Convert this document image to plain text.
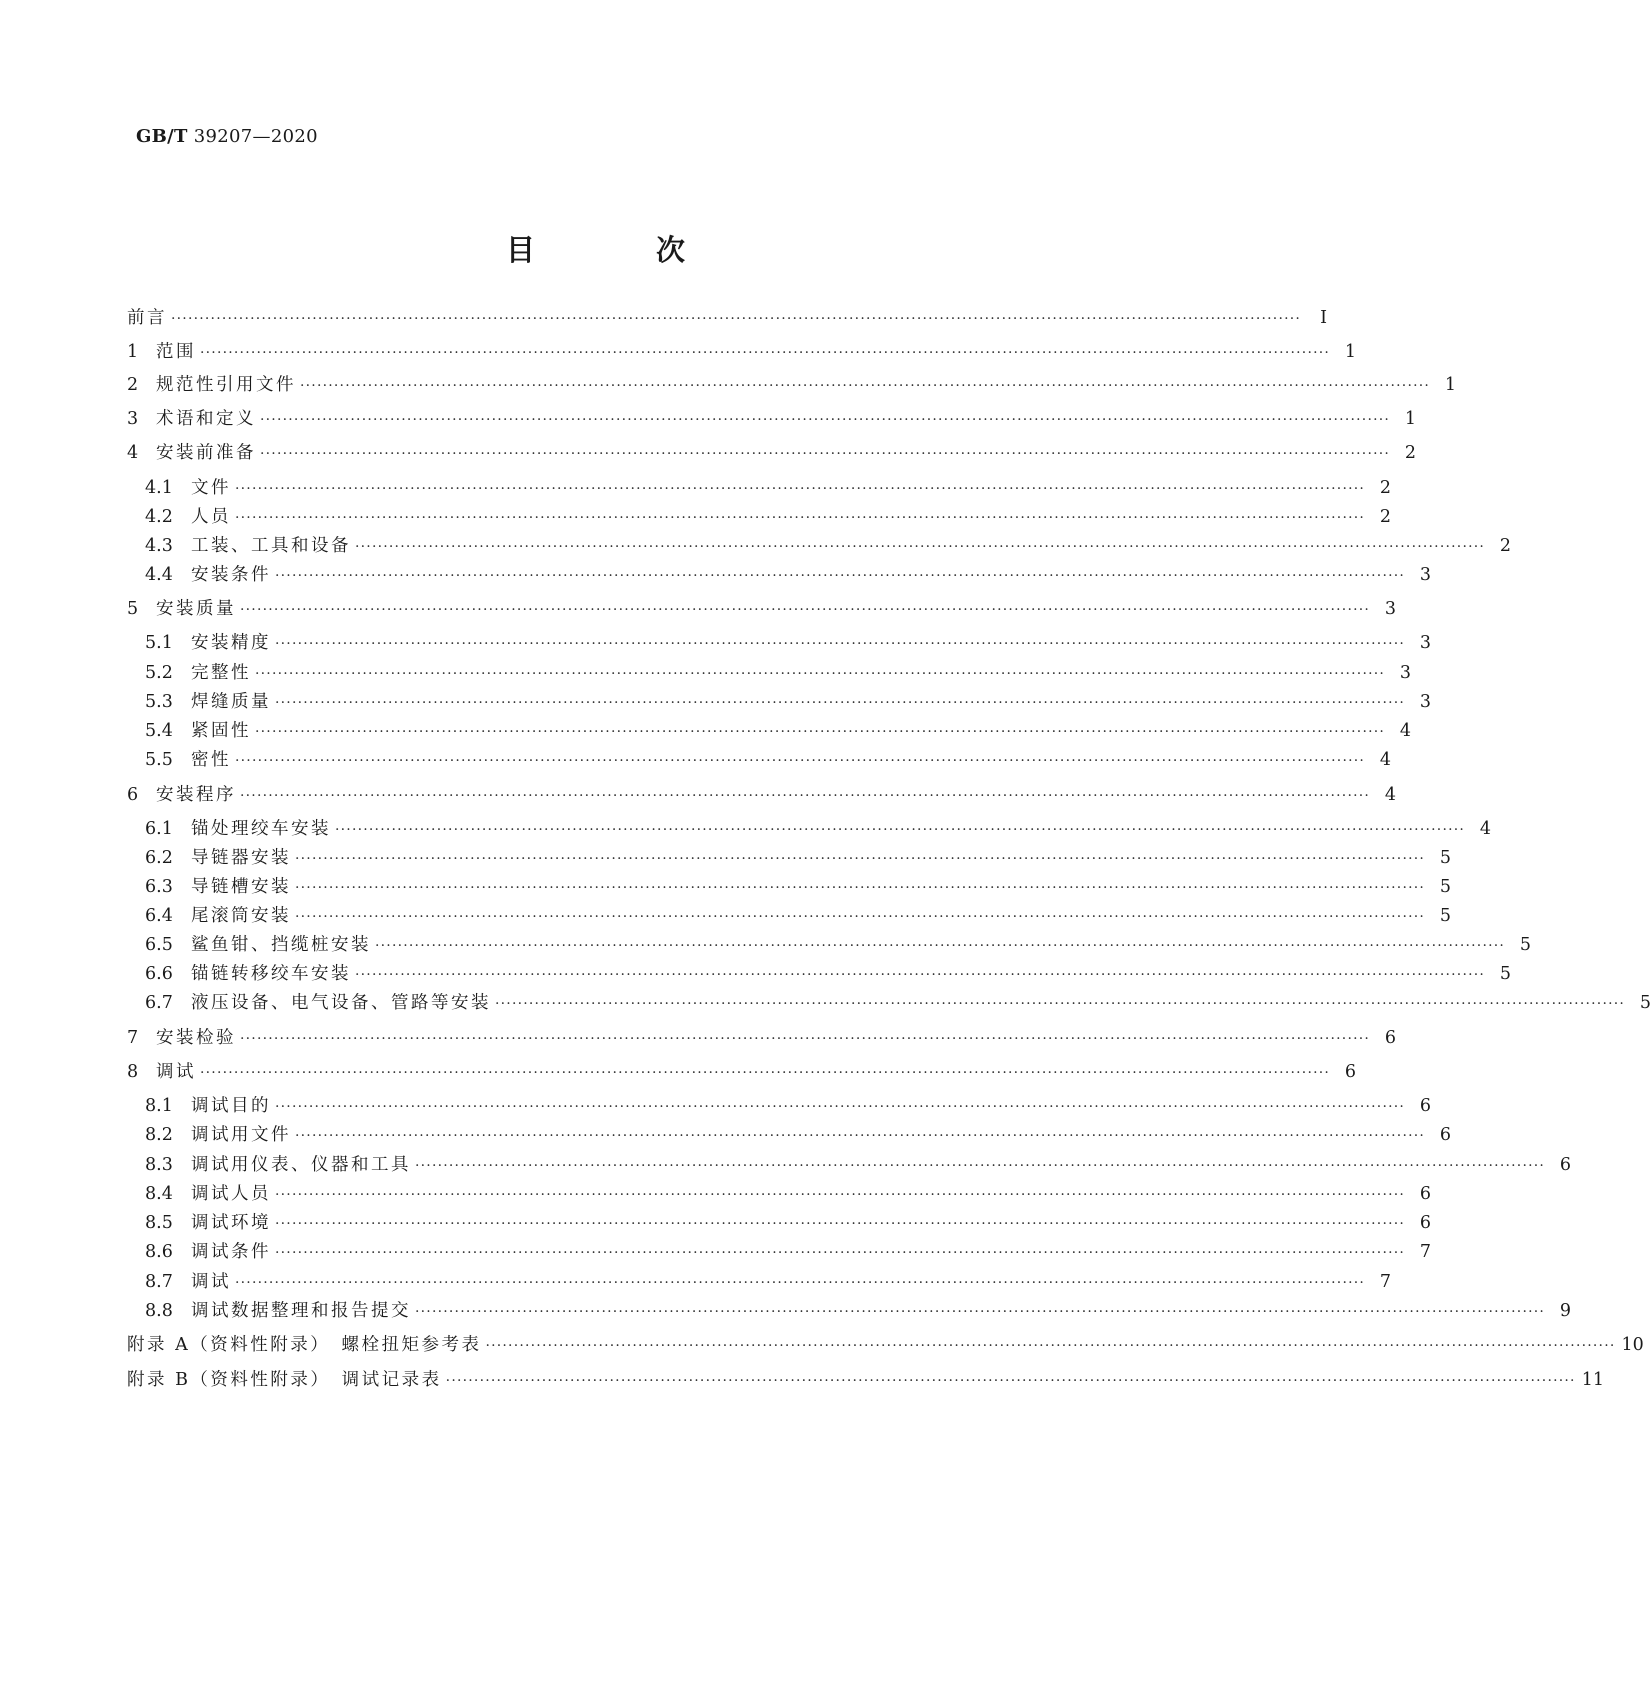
GB/T 39207—2020
目　次
前言 ········································································································································································································	Ⅰ
1	范围 ········································································································································································································ 1
2	规范性引用文件 ········································································································································································································ 1
3	术语和定义 ········································································································································································································ 1
4	安装前准备 ········································································································································································································ 2
4.1	文件 ········································································································································································································ 2
4.2	人员 ········································································································································································································ 2
4.3	工装、工具和设备 ········································································································································································································ 2
4.4	安装条件 ········································································································································································································ 3
5	安装质量 ········································································································································································································ 3
5.1	安装精度 ········································································································································································································ 3
5.2	完整性 ········································································································································································································ 3
5.3	焊缝质量 ········································································································································································································ 3
5.4	紧固性 ········································································································································································································ 4
5.5	密性 ········································································································································································································ 4
6	安装程序 ········································································································································································································ 4
6.1	锚处理绞车安装 ········································································································································································································ 4
6.2	导链器安装 ········································································································································································································ 5
6.3	导链槽安装 ········································································································································································································ 5
6.4	尾滚筒安装 ········································································································································································································ 5
6.5	鲨鱼钳、挡缆桩安装 ········································································································································································································ 5
6.6	锚链转移绞车安装 ········································································································································································································ 5
6.7	液压设备、电气设备、管路等安装 ········································································································································································································ 5
7	安装检验 ········································································································································································································ 6
8	调试 ········································································································································································································ 6
8.1	调试目的 ········································································································································································································ 6
8.2	调试用文件 ········································································································································································································ 6
8.3	调试用仪表、仪器和工具 ········································································································································································································ 6
8.4	调试人员 ········································································································································································································ 6
8.5	调试环境 ········································································································································································································ 6
8.6	调试条件 ········································································································································································································ 7
8.7	调试 ········································································································································································································ 7
8.8	调试数据整理和报告提交 ········································································································································································································ 9
附录 A（资料性附录）　螺栓扭矩参考表 ········································································································································································································ 10
附录 B（资料性附录）　调试记录表 ········································································································································································································ 11
